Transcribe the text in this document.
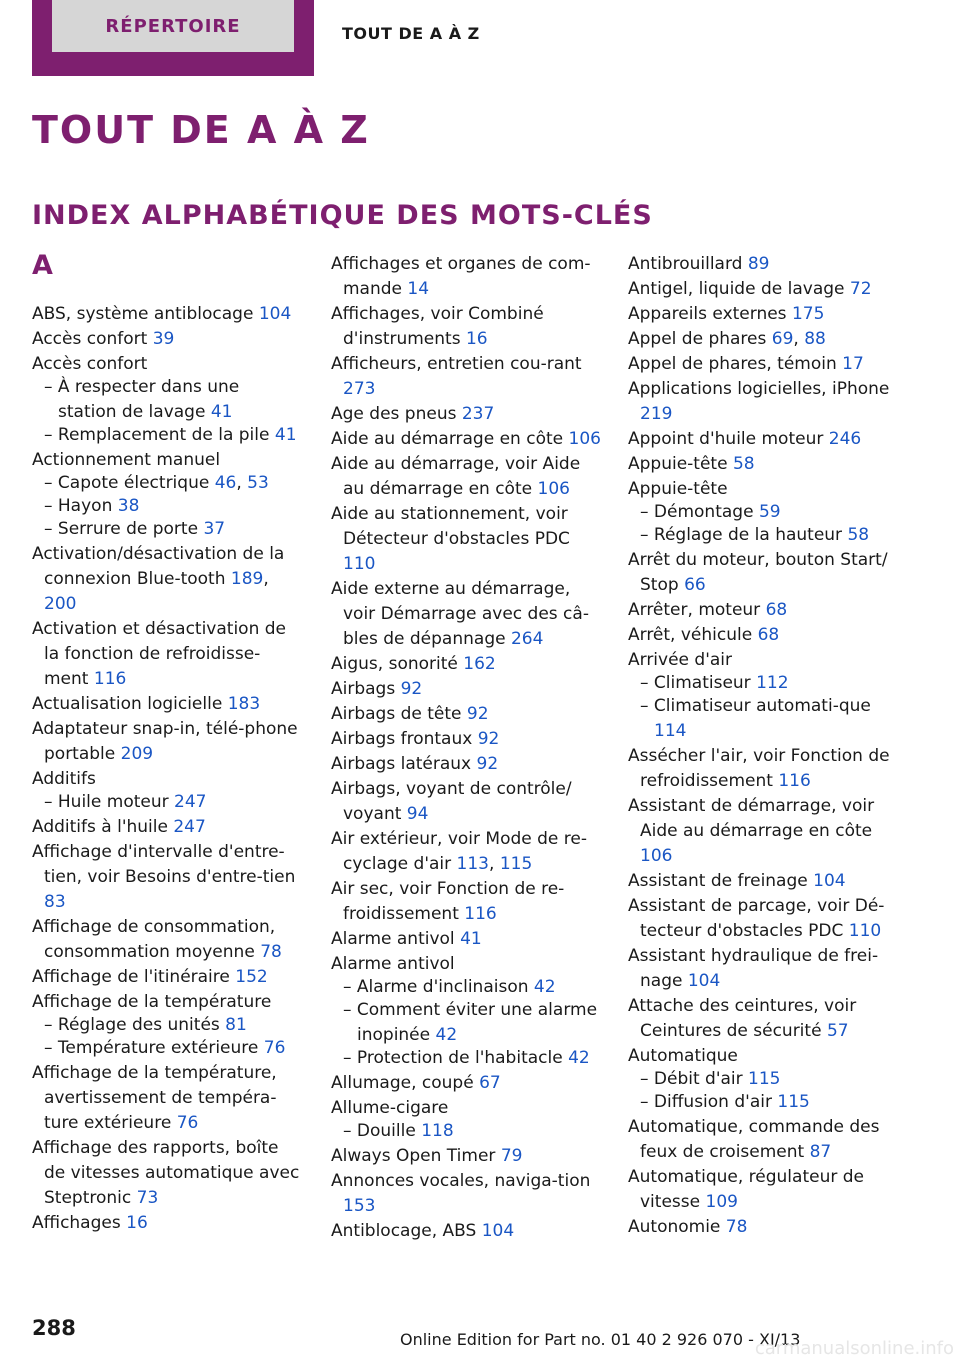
RÉPERTOIRE	TOUT DE A À Z
TOUT DE A À Z
INDEX ALPHABÉTIQUE DES MOTS-CLÉS
A

ABS, système antiblocage 104

Accès confort 39

Accès confort

– À respecter dans une station de lavage 41

– Remplacement de la pile 41

Actionnement manuel

– Capote électrique 46, 53

– Hayon 38

– Serrure de porte 37

Activation/désactivation de la connexion Blue-tooth 189, 200

Activation et désactivation de la fonction de refroidisse-ment 116

Actualisation logicielle 183

Adaptateur snap-in, télé-phone portable 209

Additifs

– Huile moteur 247

Additifs à l'huile 247

Affichage d'intervalle d'entre-tien, voir Besoins d'entre-tien 83

Affichage de consommation, consommation moyenne 78

Affichage de l'itinéraire 152

Affichage de la température

– Réglage des unités 81

– Température extérieure 76

Affichage de la température, avertissement de tempéra-ture extérieure 76

Affichage des rapports, boîte de vitesses automatique avec Steptronic 73

Affichages 16

Affichages et organes de com-mande 14

Affichages, voir Combiné d'instruments 16

Afficheurs, entretien cou-rant 273

Age des pneus 237

Aide au démarrage en côte 106

Aide au démarrage, voir Aide au démarrage en côte 106

Aide au stationnement, voir Détecteur d'obstacles PDC 110

Aide externe au démarrage, voir Démarrage avec des câ-bles de dépannage 264

Aigus, sonorité 162

Airbags 92

Airbags de tête 92

Airbags frontaux 92

Airbags latéraux 92

Airbags, voyant de contrôle/ voyant 94

Air extérieur, voir Mode de re-cyclage d'air 113, 115

Air sec, voir Fonction de re-froidissement 116

Alarme antivol 41

Alarme antivol

– Alarme d'inclinaison 42

– Comment éviter une alarme inopinée 42

– Protection de l'habitacle 42

Allumage, coupé 67

Allume-cigare

– Douille 118

Always Open Timer 79

Annonces vocales, naviga-tion 153

Antiblocage, ABS 104

Antibrouillard 89

Antigel, liquide de lavage 72

Appareils externes 175

Appel de phares 69, 88

Appel de phares, témoin 17

Applications logicielles, iPhone 219

Appoint d'huile moteur 246

Appuie-tête 58

Appuie-tête

– Démontage 59

– Réglage de la hauteur 58

Arrêt du moteur, bouton Start/ Stop 66

Arrêter, moteur 68

Arrêt, véhicule 68

Arrivée d'air

– Climatiseur 112

– Climatiseur automati-que 114

Assécher l'air, voir Fonction de refroidissement 116

Assistant de démarrage, voir Aide au démarrage en côte 106

Assistant de freinage 104

Assistant de parcage, voir Dé-tecteur d'obstacles PDC 110

Assistant hydraulique de frei-nage 104

Attache des ceintures, voir Ceintures de sécurité 57

Automatique

– Débit d'air 115

– Diffusion d'air 115

Automatique, commande des feux de croisement 87

Automatique, régulateur de vitesse 109

Autonomie 78

288	Online Edition for Part no. 01 40 2 926 070 - XI/13
carmanualsonline.info
